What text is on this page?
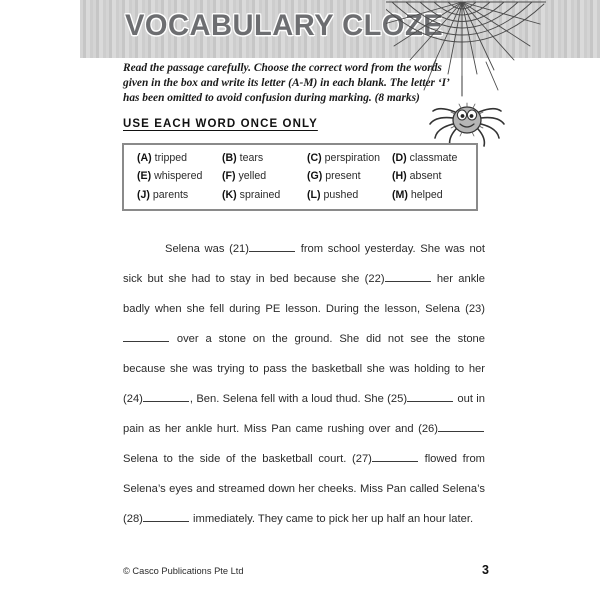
VOCABULARY CLOZE
Read the passage carefully. Choose the correct word from the words given in the box and write its letter (A-M) in each blank. The letter ‘I’ has been omitted to avoid confusion during marking. (8 marks)
USE EACH WORD ONCE ONLY
(A) tripped	(B) tears	(C) perspiration	(D) classmate
(E) whispered	(F) yelled	(G) present	(H) absent
(J) parents	(K) sprained	(L) pushed	(M) helped
Selena was (21)	from school yesterday. She was not sick but she had to stay in bed because she (22)	her ankle badly when she fell during PE lesson. During the lesson, Selena (23) over a stone on the ground. She did not see the stone because she was trying to pass the basketball she was holding to her (24)	, Ben. Selena fell with a loud thud. She (25)	out in pain as her ankle hurt. Miss Pan came rushing over and (26) Selena to the side of the basketball court. (27)	flowed from Selena’s eyes and streamed down her cheeks. Miss Pan called Selena’s (28)	immediately. They came to pick her up half an hour later.
© Casco Publications Pte Ltd	3
